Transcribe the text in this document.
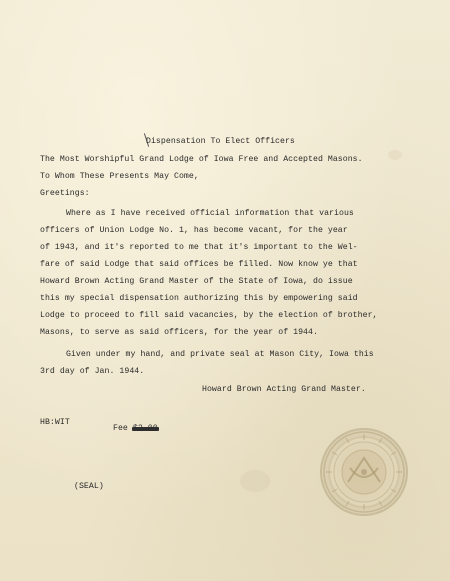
Dispensation To Elect Officers
The Most Worshipful Grand Lodge of Iowa Free and Accepted Masons.
To Whom These Presents May Come,
Greetings:
Where as I have received official information that various
officers of Union Lodge No. 1, has become vacant, for the year
of 1943, and it's reported to me that it's important to the Wel-
fare of said Lodge that said offices be filled. Now know ye that
Howard Brown Acting Grand Master of the State of Iowa, do issue
this my special dispensation authorizing this by empowering said
Lodge to proceed to fill said vacancies, by the election of brother,
Masons, to serve as said officers, for the year of 1944.
Given under my hand, and private seal at Mason City, Iowa this
3rd day of Jan. 1944.
Howard Brown Acting Grand Master.
HB:WIT
Fee
(SEAL)
